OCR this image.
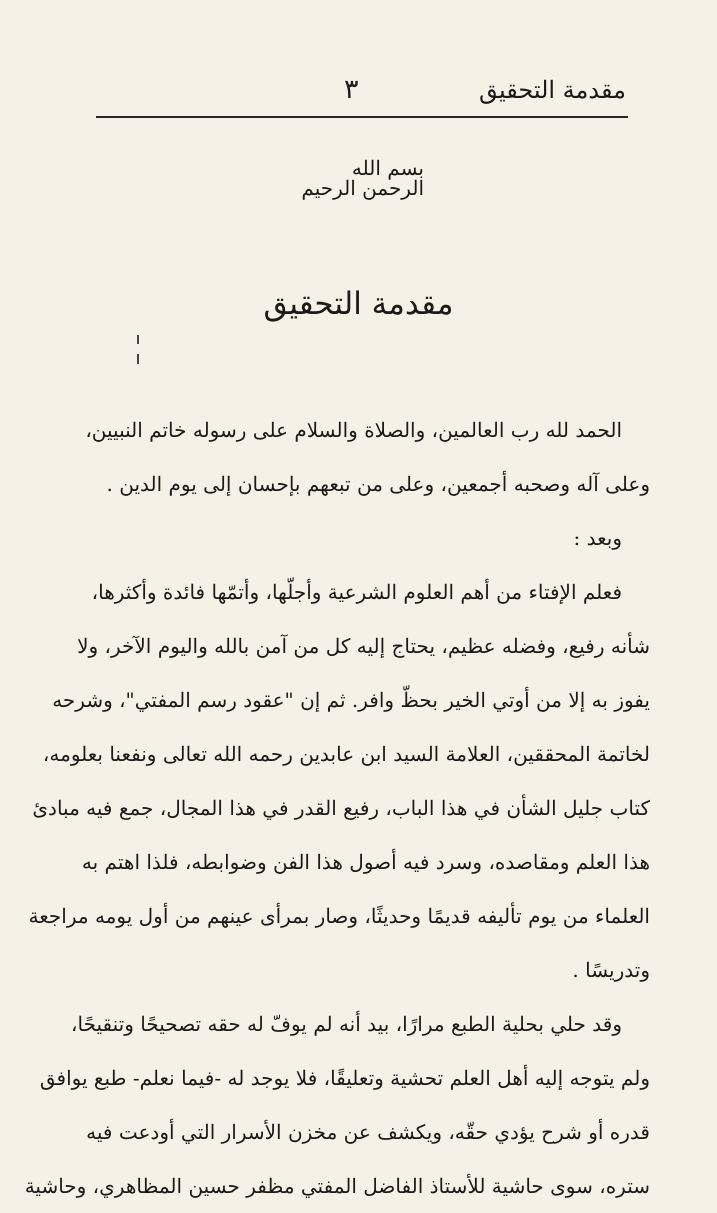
مقدمة التحقيق
٣
بسم الله الرحمن الرحيم
مقدمة التحقيق
الحمد لله رب العالمين، والصلاة والسلام على رسوله خاتم النبيين،
وعلى آله وصحبه أجمعين، وعلى من تبعهم بإحسان إلى يوم الدين .
وبعد :
فعلم الإفتاء من أهم العلوم الشرعية وأجلّها، وأتمّها فائدة وأكثرها،
شأنه رفيع، وفضله عظيم، يحتاج إليه كل من آمن بالله واليوم الآخر، ولا
يفوز به إلا من أوتي الخير بحظّ وافر. ثم إن "عقود رسم المفتي"، وشرحه
لخاتمة المحققين، العلامة السيد ابن عابدين رحمه الله تعالى ونفعنا بعلومه،
كتاب جليل الشأن في هذا الباب، رفيع القدر في هذا المجال، جمع فيه مبادئ
هذا العلم ومقاصده، وسرد فيه أصول هذا الفن وضوابطه، فلذا اهتم به
العلماء من يوم تأليفه قديمًا وحديثًا، وصار بمرأى عينهم من أول يومه مراجعة
وتدريسًا .
وقد حلي بحلية الطبع مرارًا، بيد أنه لم يوفّ له حقه تصحيحًا وتنقيحًا،
ولم يتوجه إليه أهل العلم تحشية وتعليقًا، فلا يوجد له -فيما نعلم- طبع يوافق
قدره أو شرح يؤدي حقّه، ويكشف عن مخزن الأسرار التي أودعت فيه
ستره، سوى حاشية للأستاذ الفاضل المفتي مظفر حسين المظاهري، وحاشية
